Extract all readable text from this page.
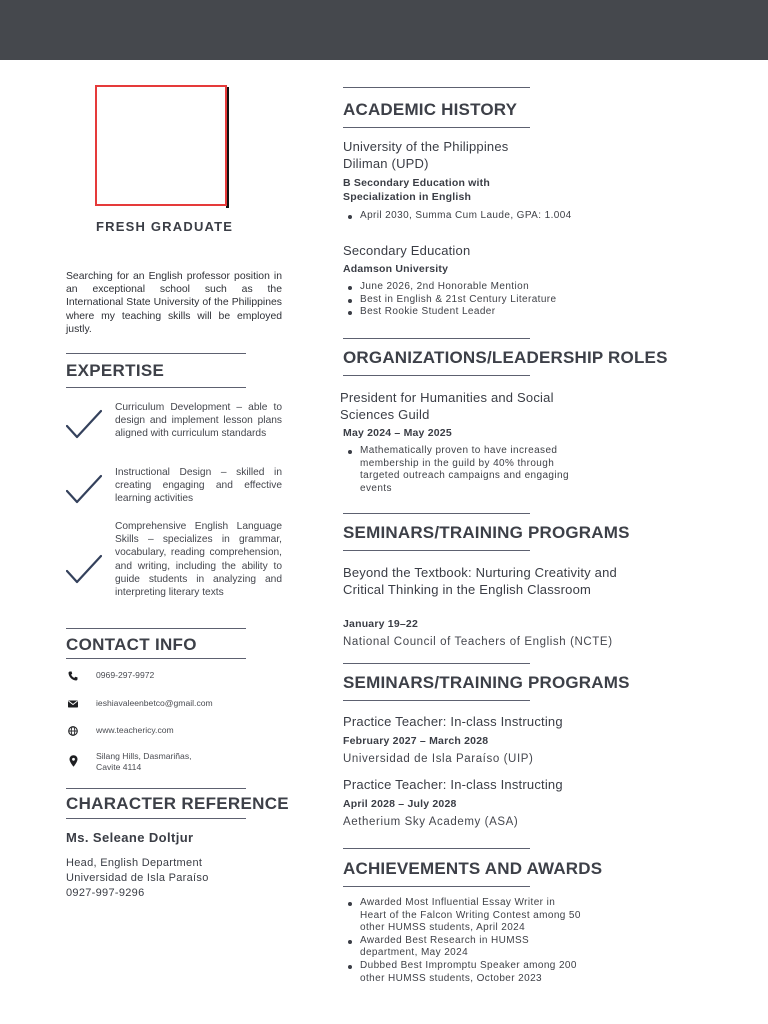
FRESH GRADUATE
Searching for an English professor position in an exceptional school such as the International State University of the Philippines where my teaching skills will be employed justly.
EXPERTISE
Curriculum Development – able to design and implement lesson plans aligned with curriculum standards
Instructional Design – skilled in creating engaging and effective learning activities
Comprehensive English Language Skills – specializes in grammar, vocabulary, reading comprehension, and writing, including the ability to guide students in analyzing and interpreting literary texts
CONTACT INFO
0969-297-9972
ieshiavaleenbetco@gmail.com
www.teachericy.com
Silang Hills, Dasmariñas,
Cavite 4114
CHARACTER REFERENCE
Ms. Seleane Doltjur
Head, English Department
Universidad de Isla Paraíso
0927-997-9296
ACADEMIC HISTORY
University of the Philippines Diliman (UPD)
B Secondary Education with Specialization in English
April 2030, Summa Cum Laude, GPA: 1.004
Secondary Education
Adamson University
June 2026, 2nd Honorable Mention
Best in English & 21st Century Literature
Best Rookie Student Leader
ORGANIZATIONS/LEADERSHIP ROLES
President for Humanities and Social Sciences Guild
May 2024 – May 2025
Mathematically proven to have increased membership in the guild by 40% through targeted outreach campaigns and engaging events
SEMINARS/TRAINING PROGRAMS
Beyond the Textbook: Nurturing Creativity and Critical Thinking in the English Classroom
January 19–22
National Council of Teachers of English (NCTE)
SEMINARS/TRAINING PROGRAMS
Practice Teacher: In-class Instructing
February 2027 – March 2028
Universidad de Isla Paraíso (UIP)
Practice Teacher: In-class Instructing
April 2028 – July 2028
Aetherium Sky Academy (ASA)
ACHIEVEMENTS AND AWARDS
Awarded Most Influential Essay Writer in Heart of the Falcon Writing Contest among 50 other HUMSS students, April 2024
Awarded Best Research in HUMSS department, May 2024
Dubbed Best Impromptu Speaker among 200 other HUMSS students, October 2023
